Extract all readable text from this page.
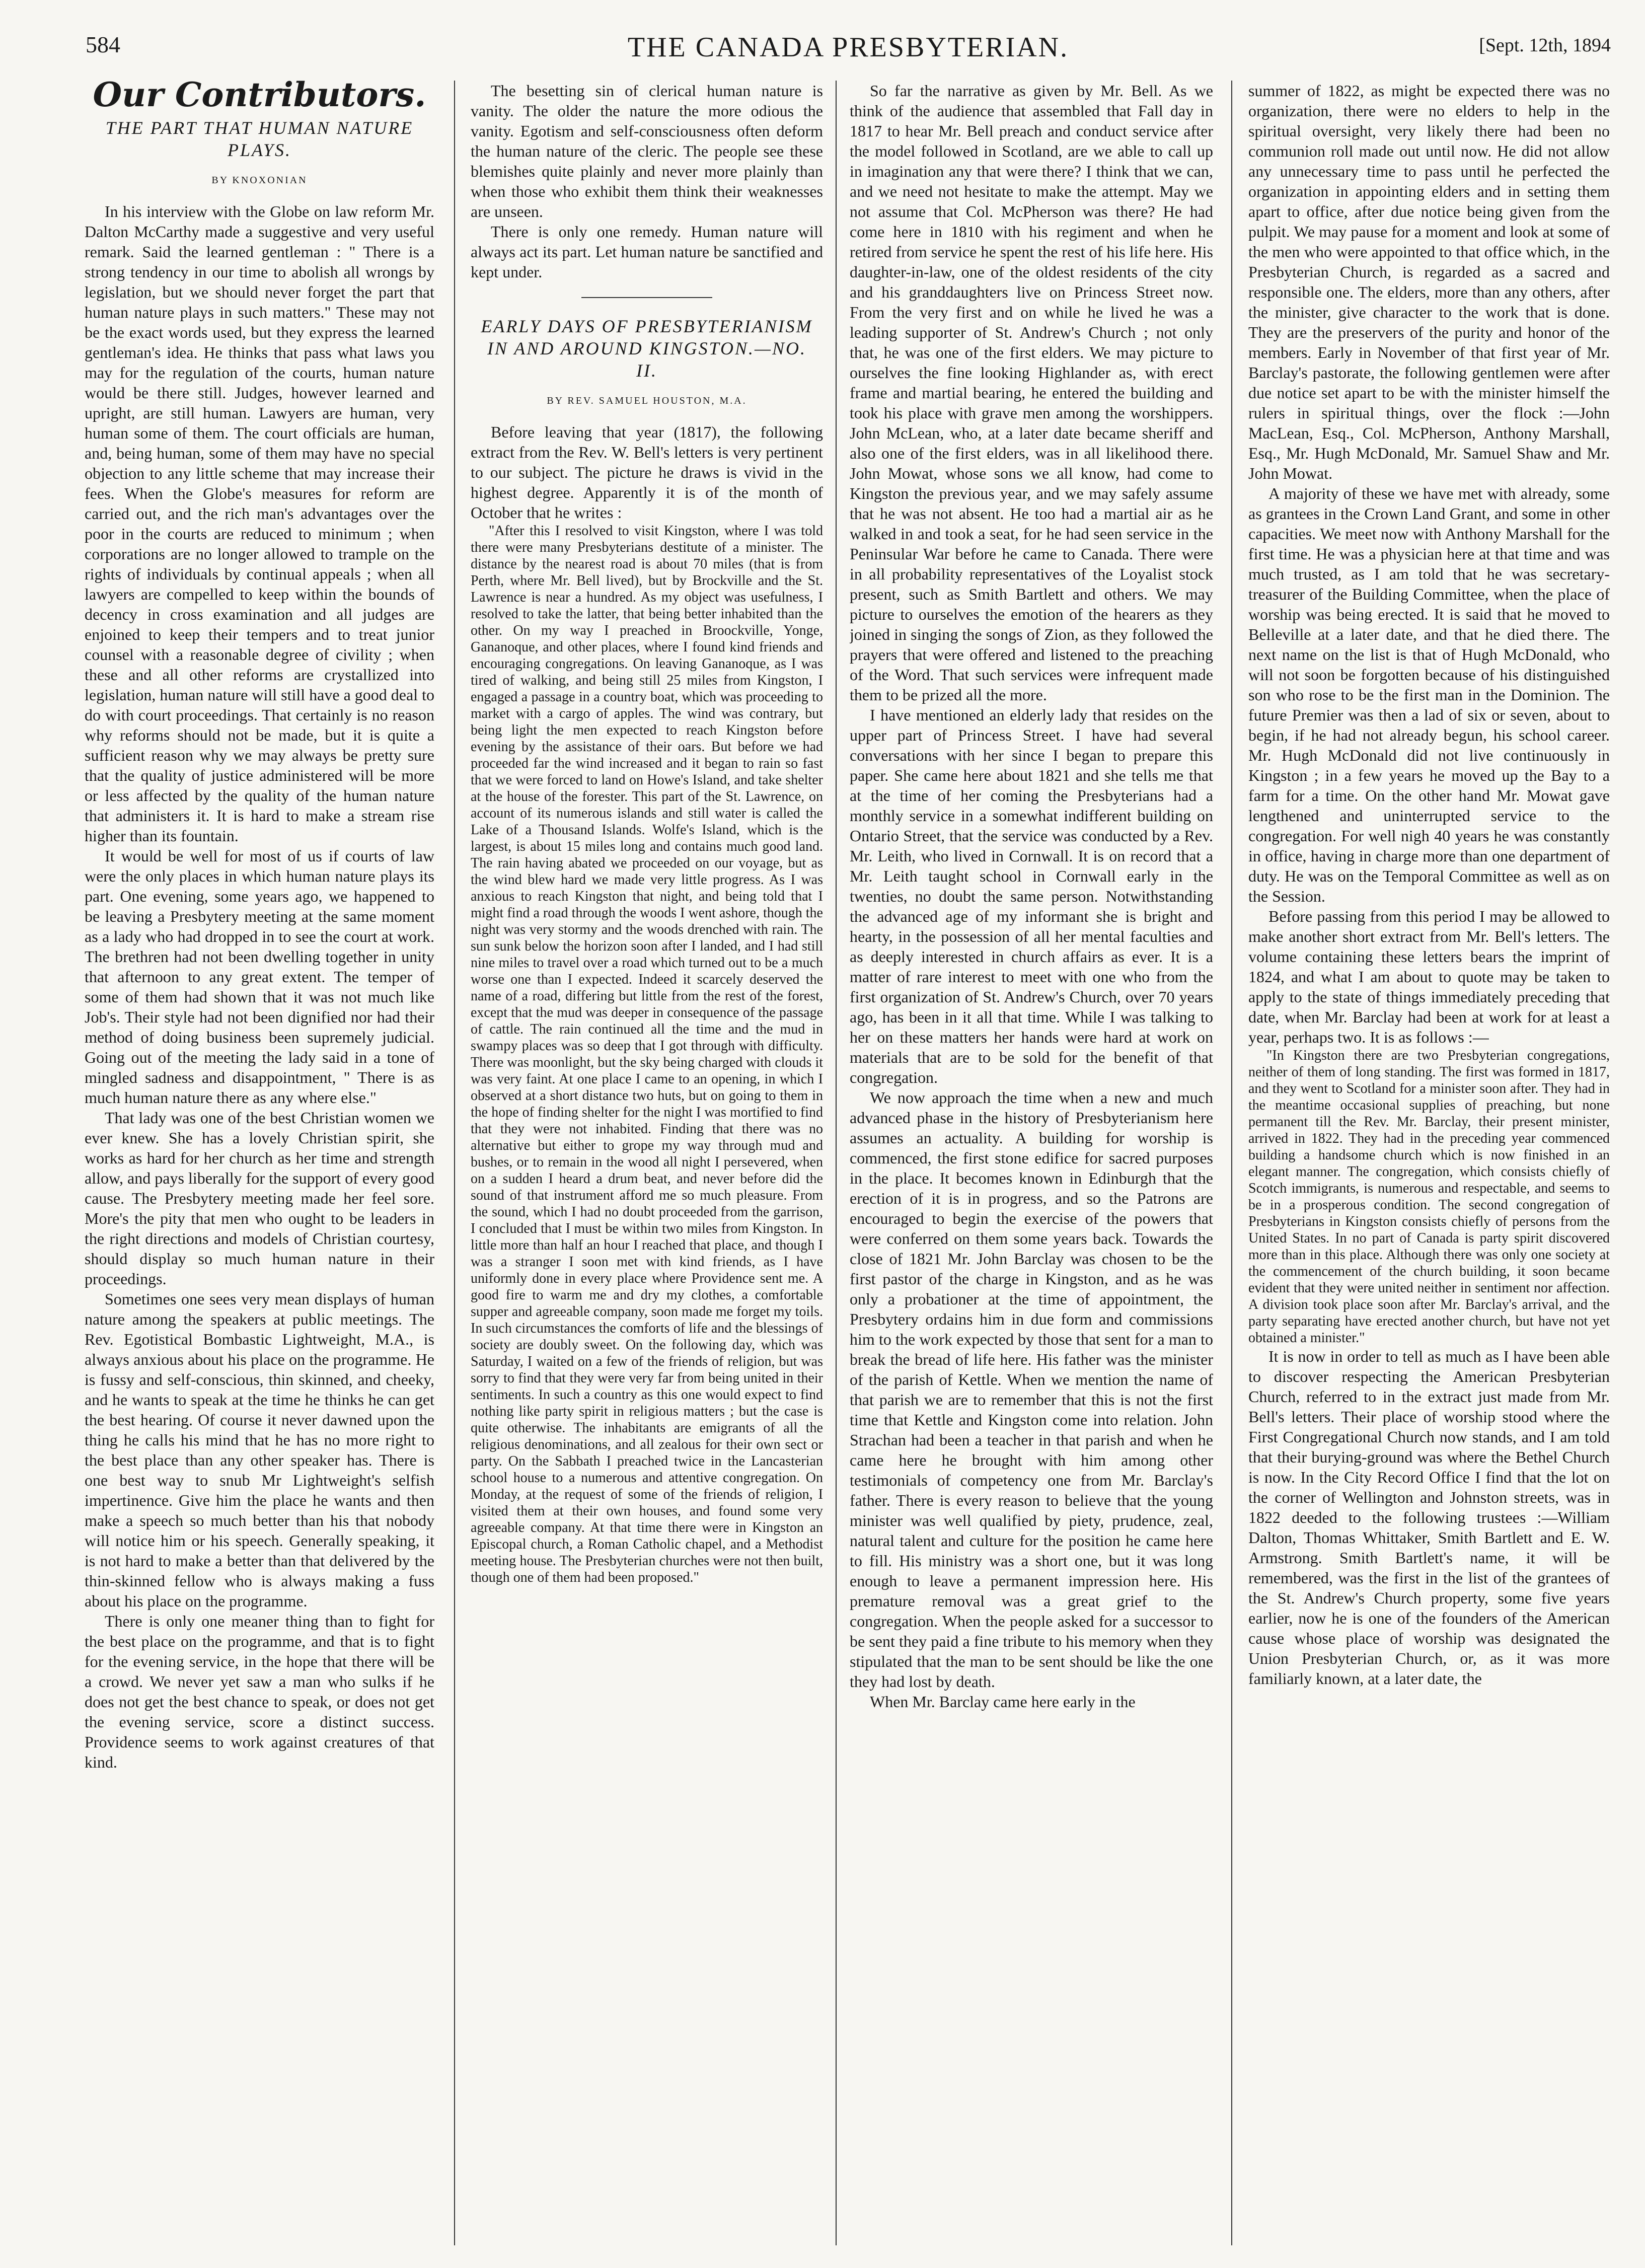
584	THE CANADA PRESBYTERIAN.	[Sept. 12th, 1894
Our Contributors.
THE PART THAT HUMAN NATURE PLAYS.
BY KNOXONIAN

In his interview with the Globe on law reform Mr. Dalton McCarthy made a suggestive and very useful remark. Said the learned gentleman : " There is a strong tendency in our time to abolish all wrongs by legislation, but we should never forget the part that human nature plays in such matters." These may not be the exact words used, but they express the learned gentleman's idea. He thinks that pass what laws you may for the regulation of the courts, human nature would be there still. Judges, however learned and upright, are still human. Lawyers are human, very human some of them. The court officials are human, and, being human, some of them may have no special objection to any little scheme that may increase their fees. When the Globe's measures for reform are carried out, and the rich man's advantages over the poor in the courts are reduced to minimum ; when corporations are no longer allowed to trample on the rights of individuals by continual appeals ; when all lawyers are compelled to keep within the bounds of decency in cross examination and all judges are enjoined to keep their tempers and to treat junior counsel with a reasonable degree of civility ; when these and all other reforms are crystallized into legislation, human nature will still have a good deal to do with court proceedings. That certainly is no reason why reforms should not be made, but it is quite a sufficient reason why we may always be pretty sure that the quality of justice administered will be more or less affected by the quality of the human nature that administers it. It is hard to make a stream rise higher than its fountain.

It would be well for most of us if courts of law were the only places in which human nature plays its part. One evening, some years ago, we happened to be leaving a Presbytery meeting at the same moment as a lady who had dropped in to see the court at work. The brethren had not been dwelling together in unity that afternoon to any great extent. The temper of some of them had shown that it was not much like Job's. Their style had not been dignified nor had their method of doing business been supremely judicial. Going out of the meeting the lady said in a tone of mingled sadness and disappointment, " There is as much human nature there as any where else."

That lady was one of the best Christian women we ever knew. She has a lovely Christian spirit, she works as hard for her church as her time and strength allow, and pays liberally for the support of every good cause. The Presbytery meeting made her feel sore. More's the pity that men who ought to be leaders in the right directions and models of Christian courtesy, should display so much human nature in their proceedings.

Sometimes one sees very mean displays of human nature among the speakers at public meetings. The Rev. Egotistical Bombastic Lightweight, M.A., is always anxious about his place on the programme. He is fussy and self-conscious, thin skinned, and cheeky, and he wants to speak at the time he thinks he can get the best hearing. Of course it never dawned upon the thing he calls his mind that he has no more right to the best place than any other speaker has. There is one best way to snub Mr Lightweight's selfish impertinence. Give him the place he wants and then make a speech so much better than his that nobody will notice him or his speech. Generally speaking, it is not hard to make a better than that delivered by the thin-skinned fellow who is always making a fuss about his place on the programme.

There is only one meaner thing than to fight for the best place on the programme, and that is to fight for the evening service, in the hope that there will be a crowd. We never yet saw a man who sulks if he does not get the best chance to speak, or does not get the evening service, score a distinct success. Providence seems to work against creatures of that kind.

The besetting sin of clerical human nature is vanity. The older the nature the more odious the vanity. Egotism and self-consciousness often deform the human nature of the cleric. The people see these blemishes quite plainly and never more plainly than when those who exhibit them think their weaknesses are unseen.

There is only one remedy. Human nature will always act its part. Let human nature be sanctified and kept under.

EARLY DAYS OF PRESBYTERIANISM IN AND AROUND KINGSTON.—NO. II.
BY REV. SAMUEL HOUSTON, M.A.

Before leaving that year (1817), the following extract from the Rev. W. Bell's letters is very pertinent to our subject. The picture he draws is vivid in the highest degree. Apparently it is of the month of October that he writes :

"After this I resolved to visit Kingston, where I was told there were many Presbyterians destitute of a minister. The distance by the nearest road is about 70 miles (that is from Perth, where Mr. Bell lived), but by Brockville and the St. Lawrence is near a hundred. As my object was usefulness, I resolved to take the latter, that being better inhabited than the other. On my way I preached in Broockville, Yonge, Gananoque, and other places, where I found kind friends and encouraging congregations. On leaving Gananoque, as I was tired of walking, and being still 25 miles from Kingston, I engaged a passage in a country boat, which was proceeding to market with a cargo of apples. The wind was contrary, but being light the men expected to reach Kingston before evening by the assistance of their oars. But before we had proceeded far the wind increased and it began to rain so fast that we were forced to land on Howe's Island, and take shelter at the house of the forester. This part of the St. Lawrence, on account of its numerous islands and still water is called the Lake of a Thousand Islands. Wolfe's Island, which is the largest, is about 15 miles long and contains much good land. The rain having abated we proceeded on our voyage, but as the wind blew hard we made very little progress. As I was anxious to reach Kingston that night, and being told that I might find a road through the woods I went ashore, though the night was very stormy and the woods drenched with rain. The sun sunk below the horizon soon after I landed, and I had still nine miles to travel over a road which turned out to be a much worse one than I expected. Indeed it scarcely deserved the name of a road, differing but little from the rest of the forest, except that the mud was deeper in consequence of the passage of cattle. The rain continued all the time and the mud in swampy places was so deep that I got through with difficulty. There was moonlight, but the sky being charged with clouds it was very faint. At one place I came to an opening, in which I observed at a short distance two huts, but on going to them in the hope of finding shelter for the night I was mortified to find that they were not inhabited. Finding that there was no alternative but either to grope my way through mud and bushes, or to remain in the wood all night I persevered, when on a sudden I heard a drum beat, and never before did the sound of that instrument afford me so much pleasure. From the sound, which I had no doubt proceeded from the garrison, I concluded that I must be within two miles from Kingston. In little more than half an hour I reached that place, and though I was a stranger I soon met with kind friends, as I have uniformly done in every place where Providence sent me. A good fire to warm me and dry my clothes, a comfortable supper and agreeable company, soon made me forget my toils. In such circumstances the comforts of life and the blessings of society are doubly sweet. On the following day, which was Saturday, I waited on a few of the friends of religion, but was sorry to find that they were very far from being united in their sentiments. In such a country as this one would expect to find nothing like party spirit in religious matters ; but the case is quite otherwise. The inhabitants are emigrants of all the religious denominations, and all zealous for their own sect or party. On the Sabbath I preached twice in the Lancasterian school house to a numerous and attentive congregation. On Monday, at the request of some of the friends of religion, I visited them at their own houses, and found some very agreeable company. At that time there were in Kingston an Episcopal church, a Roman Catholic chapel, and a Methodist meeting house. The Presbyterian churches were not then built, though one of them had been proposed."

So far the narrative as given by Mr. Bell. As we think of the audience that assembled that Fall day in 1817 to hear Mr. Bell preach and conduct service after the model followed in Scotland, are we able to call up in imagination any that were there? I think that we can, and we need not hesitate to make the attempt. May we not assume that Col. McPherson was there? He had come here in 1810 with his regiment and when he retired from service he spent the rest of his life here. His daughter-in-law, one of the oldest residents of the city and his granddaughters live on Princess Street now. From the very first and on while he lived he was a leading supporter of St. Andrew's Church ; not only that, he was one of the first elders. We may picture to ourselves the fine looking Highlander as, with erect frame and martial bearing, he entered the building and took his place with grave men among the worshippers. John McLean, who, at a later date became sheriff and also one of the first elders, was in all likelihood there. John Mowat, whose sons we all know, had come to Kingston the previous year, and we may safely assume that he was not absent. He too had a martial air as he walked in and took a seat, for he had seen service in the Peninsular War before he came to Canada. There were in all probability representatives of the Loyalist stock present, such as Smith Bartlett and others. We may picture to ourselves the emotion of the hearers as they joined in singing the songs of Zion, as they followed the prayers that were offered and listened to the preaching of the Word. That such services were infrequent made them to be prized all the more.

I have mentioned an elderly lady that resides on the upper part of Princess Street. I have had several conversations with her since I began to prepare this paper. She came here about 1821 and she tells me that at the time of her coming the Presbyterians had a monthly service in a somewhat indifferent building on Ontario Street, that the service was conducted by a Rev. Mr. Leith, who lived in Cornwall. It is on record that a Mr. Leith taught school in Cornwall early in the twenties, no doubt the same person. Notwithstanding the advanced age of my informant she is bright and hearty, in the possession of all her mental faculties and as deeply interested in church affairs as ever. It is a matter of rare interest to meet with one who from the first organization of St. Andrew's Church, over 70 years ago, has been in it all that time. While I was talking to her on these matters her hands were hard at work on materials that are to be sold for the benefit of that congregation.

We now approach the time when a new and much advanced phase in the history of Presbyterianism here assumes an actuality. A building for worship is commenced, the first stone edifice for sacred purposes in the place. It becomes known in Edinburgh that the erection of it is in progress, and so the Patrons are encouraged to begin the exercise of the powers that were conferred on them some years back. Towards the close of 1821 Mr. John Barclay was chosen to be the first pastor of the charge in Kingston, and as he was only a probationer at the time of appointment, the Presbytery ordains him in due form and commissions him to the work expected by those that sent for a man to break the bread of life here. His father was the minister of the parish of Kettle. When we mention the name of that parish we are to remember that this is not the first time that Kettle and Kingston come into relation. John Strachan had been a teacher in that parish and when he came here he brought with him among other testimonials of competency one from Mr. Barclay's father. There is every reason to believe that the young minister was well qualified by piety, prudence, zeal, natural talent and culture for the position he came here to fill. His ministry was a short one, but it was long enough to leave a permanent impression here. His premature removal was a great grief to the congregation. When the people asked for a successor to be sent they paid a fine tribute to his memory when they stipulated that the man to be sent should be like the one they had lost by death.

When Mr. Barclay came here early in the

summer of 1822, as might be expected there was no organization, there were no elders to help in the spiritual oversight, very likely there had been no communion roll made out until now. He did not allow any unnecessary time to pass until he perfected the organization in appointing elders and in setting them apart to office, after due notice being given from the pulpit. We may pause for a moment and look at some of the men who were appointed to that office which, in the Presbyterian Church, is regarded as a sacred and responsible one. The elders, more than any others, after the minister, give character to the work that is done. They are the preservers of the purity and honor of the members. Early in November of that first year of Mr. Barclay's pastorate, the following gentlemen were after due notice set apart to be with the minister himself the rulers in spiritual things, over the flock :—John MacLean, Esq., Col. McPherson, Anthony Marshall, Esq., Mr. Hugh McDonald, Mr. Samuel Shaw and Mr. John Mowat.

A majority of these we have met with already, some as grantees in the Crown Land Grant, and some in other capacities. We meet now with Anthony Marshall for the first time. He was a physician here at that time and was much trusted, as I am told that he was secretary-treasurer of the Building Committee, when the place of worship was being erected. It is said that he moved to Belleville at a later date, and that he died there. The next name on the list is that of Hugh McDonald, who will not soon be forgotten because of his distinguished son who rose to be the first man in the Dominion. The future Premier was then a lad of six or seven, about to begin, if he had not already begun, his school career. Mr. Hugh McDonald did not live continuously in Kingston ; in a few years he moved up the Bay to a farm for a time. On the other hand Mr. Mowat gave lengthened and uninterrupted service to the congregation. For well nigh 40 years he was constantly in office, having in charge more than one department of duty. He was on the Temporal Committee as well as on the Session.

Before passing from this period I may be allowed to make another short extract from Mr. Bell's letters. The volume containing these letters bears the imprint of 1824, and what I am about to quote may be taken to apply to the state of things immediately preceding that date, when Mr. Barclay had been at work for at least a year, perhaps two. It is as follows :—

"In Kingston there are two Presbyterian congregations, neither of them of long standing. The first was formed in 1817, and they went to Scotland for a minister soon after. They had in the meantime occasional supplies of preaching, but none permanent till the Rev. Mr. Barclay, their present minister, arrived in 1822. They had in the preceding year commenced building a handsome church which is now finished in an elegant manner. The congregation, which consists chiefly of Scotch immigrants, is numerous and respectable, and seems to be in a prosperous condition. The second congregation of Presbyterians in Kingston consists chiefly of persons from the United States. In no part of Canada is party spirit discovered more than in this place. Although there was only one society at the commencement of the church building, it soon became evident that they were united neither in sentiment nor affection. A division took place soon after Mr. Barclay's arrival, and the party separating have erected another church, but have not yet obtained a minister."

It is now in order to tell as much as I have been able to discover respecting the American Presbyterian Church, referred to in the extract just made from Mr. Bell's letters. Their place of worship stood where the First Congregational Church now stands, and I am told that their burying-ground was where the Bethel Church is now. In the City Record Office I find that the lot on the corner of Wellington and Johnston streets, was in 1822 deeded to the following trustees :—William Dalton, Thomas Whittaker, Smith Bartlett and E. W. Armstrong. Smith Bartlett's name, it will be remembered, was the first in the list of the grantees of the St. Andrew's Church property, some five years earlier, now he is one of the founders of the American cause whose place of worship was designated the Union Presbyterian Church, or, as it was more familiarly known, at a later date, the
